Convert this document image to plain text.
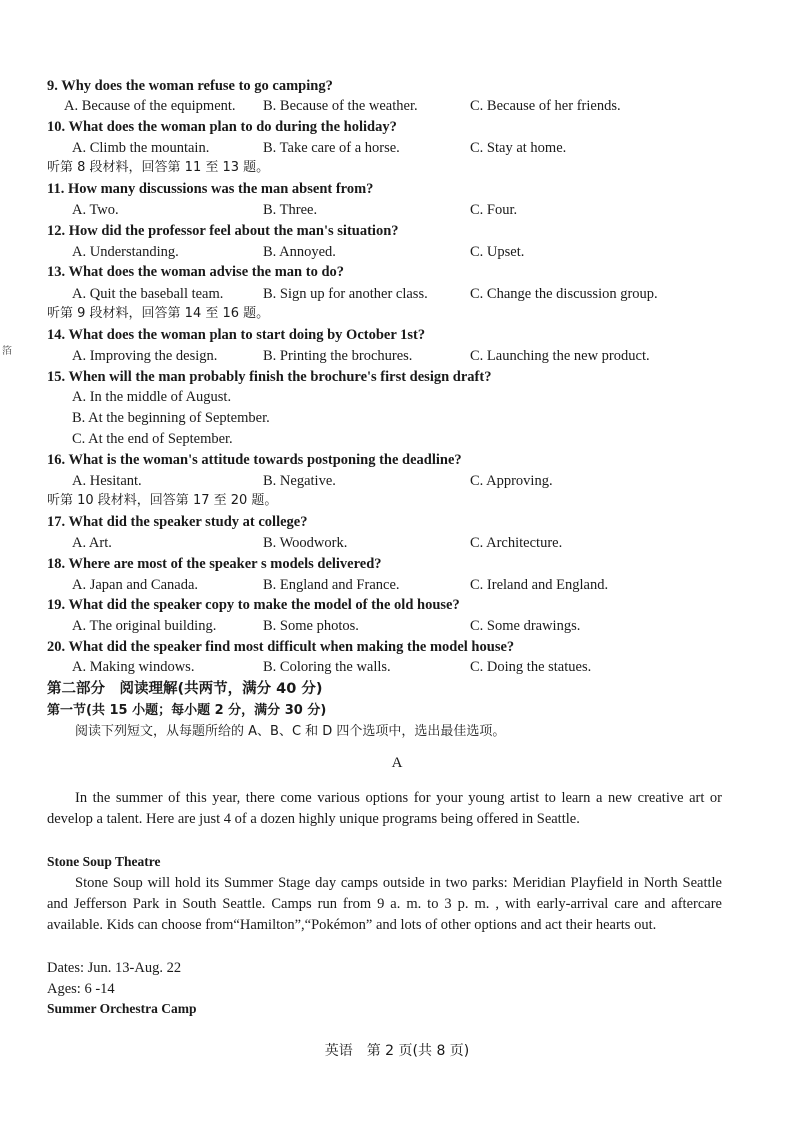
9. Why does the woman refuse to go camping?
A. Because of the equipment. B. Because of the weather.	C. Because of her friends.
10. What does the woman plan to do during the holiday?
A. Climb the mountain.	B. Take care of a horse.	C. Stay at home.
听第 8 段材料，回答第 11 至 13 题。
11. How many discussions was the man absent from?
A. Two.	B. Three.	C. Four.
12. How did the professor feel about the man's situation?
A. Understanding.	B. Annoyed.	C. Upset.
13. What does the woman advise the man to do?
A. Quit the baseball team.	B. Sign up for another class.	C. Change the discussion group.
听第 9 段材料，回答第 14 至 16 题。
14. What does the woman plan to start doing by October 1st?
A. Improving the design.	B. Printing the brochures.	C. Launching the new product.
15. When will the man probably finish the brochure's first design draft?
A. In the middle of August.
B. At the beginning of September.
C. At the end of September.
16. What is the woman's attitude towards postponing the deadline?
A. Hesitant.	B. Negative.	C. Approving.
听第 10 段材料，回答第 17 至 20 题。
17. What did the speaker study at college?
A. Art.	B. Woodwork.	C. Architecture.
18. Where are most of the speaker s models delivered?
A. Japan and Canada.	B. England and France.	C. Ireland and England.
19. What did the speaker copy to make the model of the old house?
A. The original building.	B. Some photos.	C. Some drawings.
20. What did the speaker find most difficult when making the model house?
A. Making windows.	B. Coloring the walls.	C. Doing the statues.
第二部分　阅读理解(共两节，满分 40 分)
第一节(共 15 小题；每小题 2 分，满分 30 分)
阅读下列短文，从每题所给的 A、B、C 和 D 四个选项中，选出最佳选项。
A

In the summer of this year, there come various options for your young artist to learn a new creative art or develop a talent. Here are just 4 of a dozen highly unique programs being offered in Seattle.

Stone Soup Theatre

Stone Soup will hold its Summer Stage day camps outside in two parks: Meridian Playfield in North Seattle and Jefferson Park in South Seattle. Camps run from 9 a. m. to 3 p. m. , with early-arrival care and aftercare available. Kids can choose from“Hamilton”,“Pokémon” and lots of other options and act their hearts out.

Dates: Jun. 13-Aug. 22
Ages: 6 -14
Summer Orchestra Camp
英语　第 2 页(共 8 页)
箔
